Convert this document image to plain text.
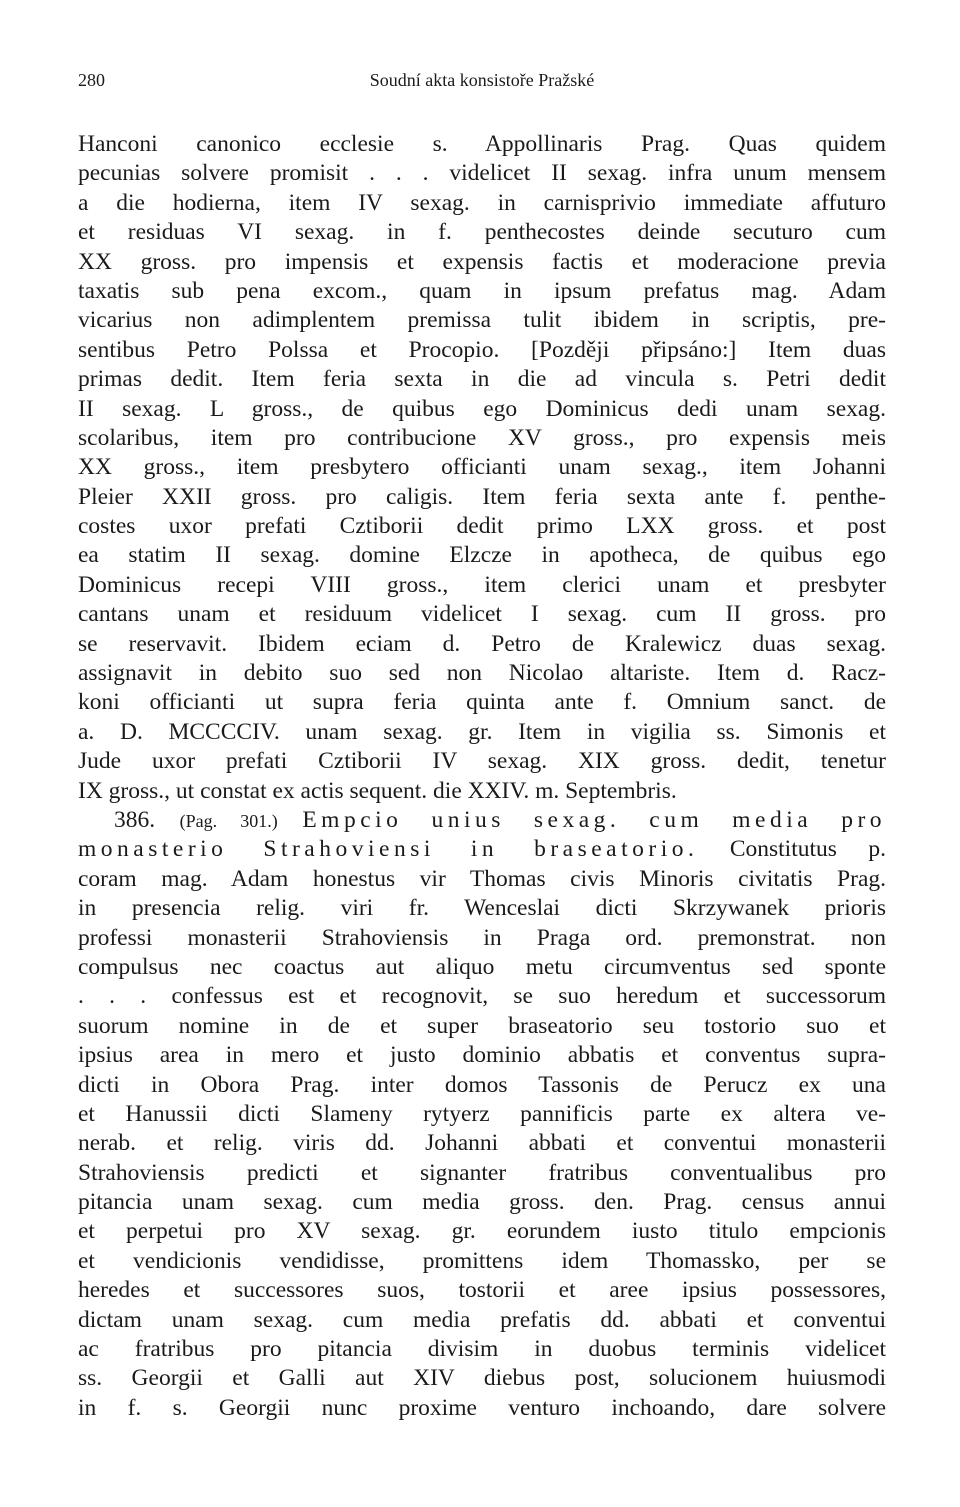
280	Soudní akta konsistoře Pražské
Hanconi canonico ecclesie s. Appollinaris Prag. Quas quidem
pecunias solvere promisit . . . videlicet II sexag. infra unum mensem
a die hodierna, item IV sexag. in carnisprivio immediate affuturo
et residuas VI sexag. in f. penthecostes deinde secuturo cum
XX gross. pro impensis et expensis factis et moderacione previa
taxatis sub pena excom., quam in ipsum prefatus mag. Adam
vicarius non adimplentem premissa tulit ibidem in scriptis, pre-
sentibus Petro Polssa et Procopio. [Později připsáno:] Item duas
primas dedit. Item feria sexta in die ad vincula s. Petri dedit
II sexag. L gross., de quibus ego Dominicus dedi unam sexag.
scolaribus, item pro contribucione XV gross., pro expensis meis
XX gross., item presbytero officianti unam sexag., item Johanni
Pleier XXII gross. pro caligis. Item feria sexta ante f. penthe-
costes uxor prefati Cztiborii dedit primo LXX gross. et post
ea statim II sexag. domine Elzcze in apotheca, de quibus ego
Dominicus recepi VIII gross., item clerici unam et presbyter
cantans unam et residuum videlicet I sexag. cum II gross. pro
se reservavit. Ibidem eciam d. Petro de Kralewicz duas sexag.
assignavit in debito suo sed non Nicolao altariste. Item d. Racz-
koni officianti ut supra feria quinta ante f. Omnium sanct. de
a. D. MCCCCIV. unam sexag. gr. Item in vigilia ss. Simonis et
Jude uxor prefati Cztiborii IV sexag. XIX gross. dedit, tenetur
IX gross., ut constat ex actis sequent. die XXIV. m. Septembris.
386. (Pag. 301.) Empcio unius sexag. cum media pro
monasterio Strahoviensi in braseatorio. Constitutus p.
coram mag. Adam honestus vir Thomas civis Minoris civitatis Prag.
in presencia relig. viri fr. Wenceslai dicti Skrzywanek prioris
professi monasterii Strahoviensis in Praga ord. premonstrat. non
compulsus nec coactus aut aliquo metu circumventus sed sponte
. . . confessus est et recognovit, se suo heredum et successorum
suorum nomine in de et super braseatorio seu tostorio suo et
ipsius area in mero et justo dominio abbatis et conventus supra-
dicti in Obora Prag. inter domos Tassonis de Perucz ex una
et Hanussii dicti Slameny rytyerz pannificis parte ex altera ve-
nerab. et relig. viris dd. Johanni abbati et conventui monasterii
Strahoviensis predicti et signanter fratribus conventualibus pro
pitancia unam sexag. cum media gross. den. Prag. census annui
et perpetui pro XV sexag. gr. eorundem iusto titulo empcionis
et vendicionis vendidisse, promittens idem Thomassko, per se
heredes et successores suos, tostorii et aree ipsius possessores,
dictam unam sexag. cum media prefatis dd. abbati et conventui
ac fratribus pro pitancia divisim in duobus terminis videlicet
ss. Georgii et Galli aut XIV diebus post, solucionem huiusmodi
in f. s. Georgii nunc proxime venturo inchoando, dare solvere
